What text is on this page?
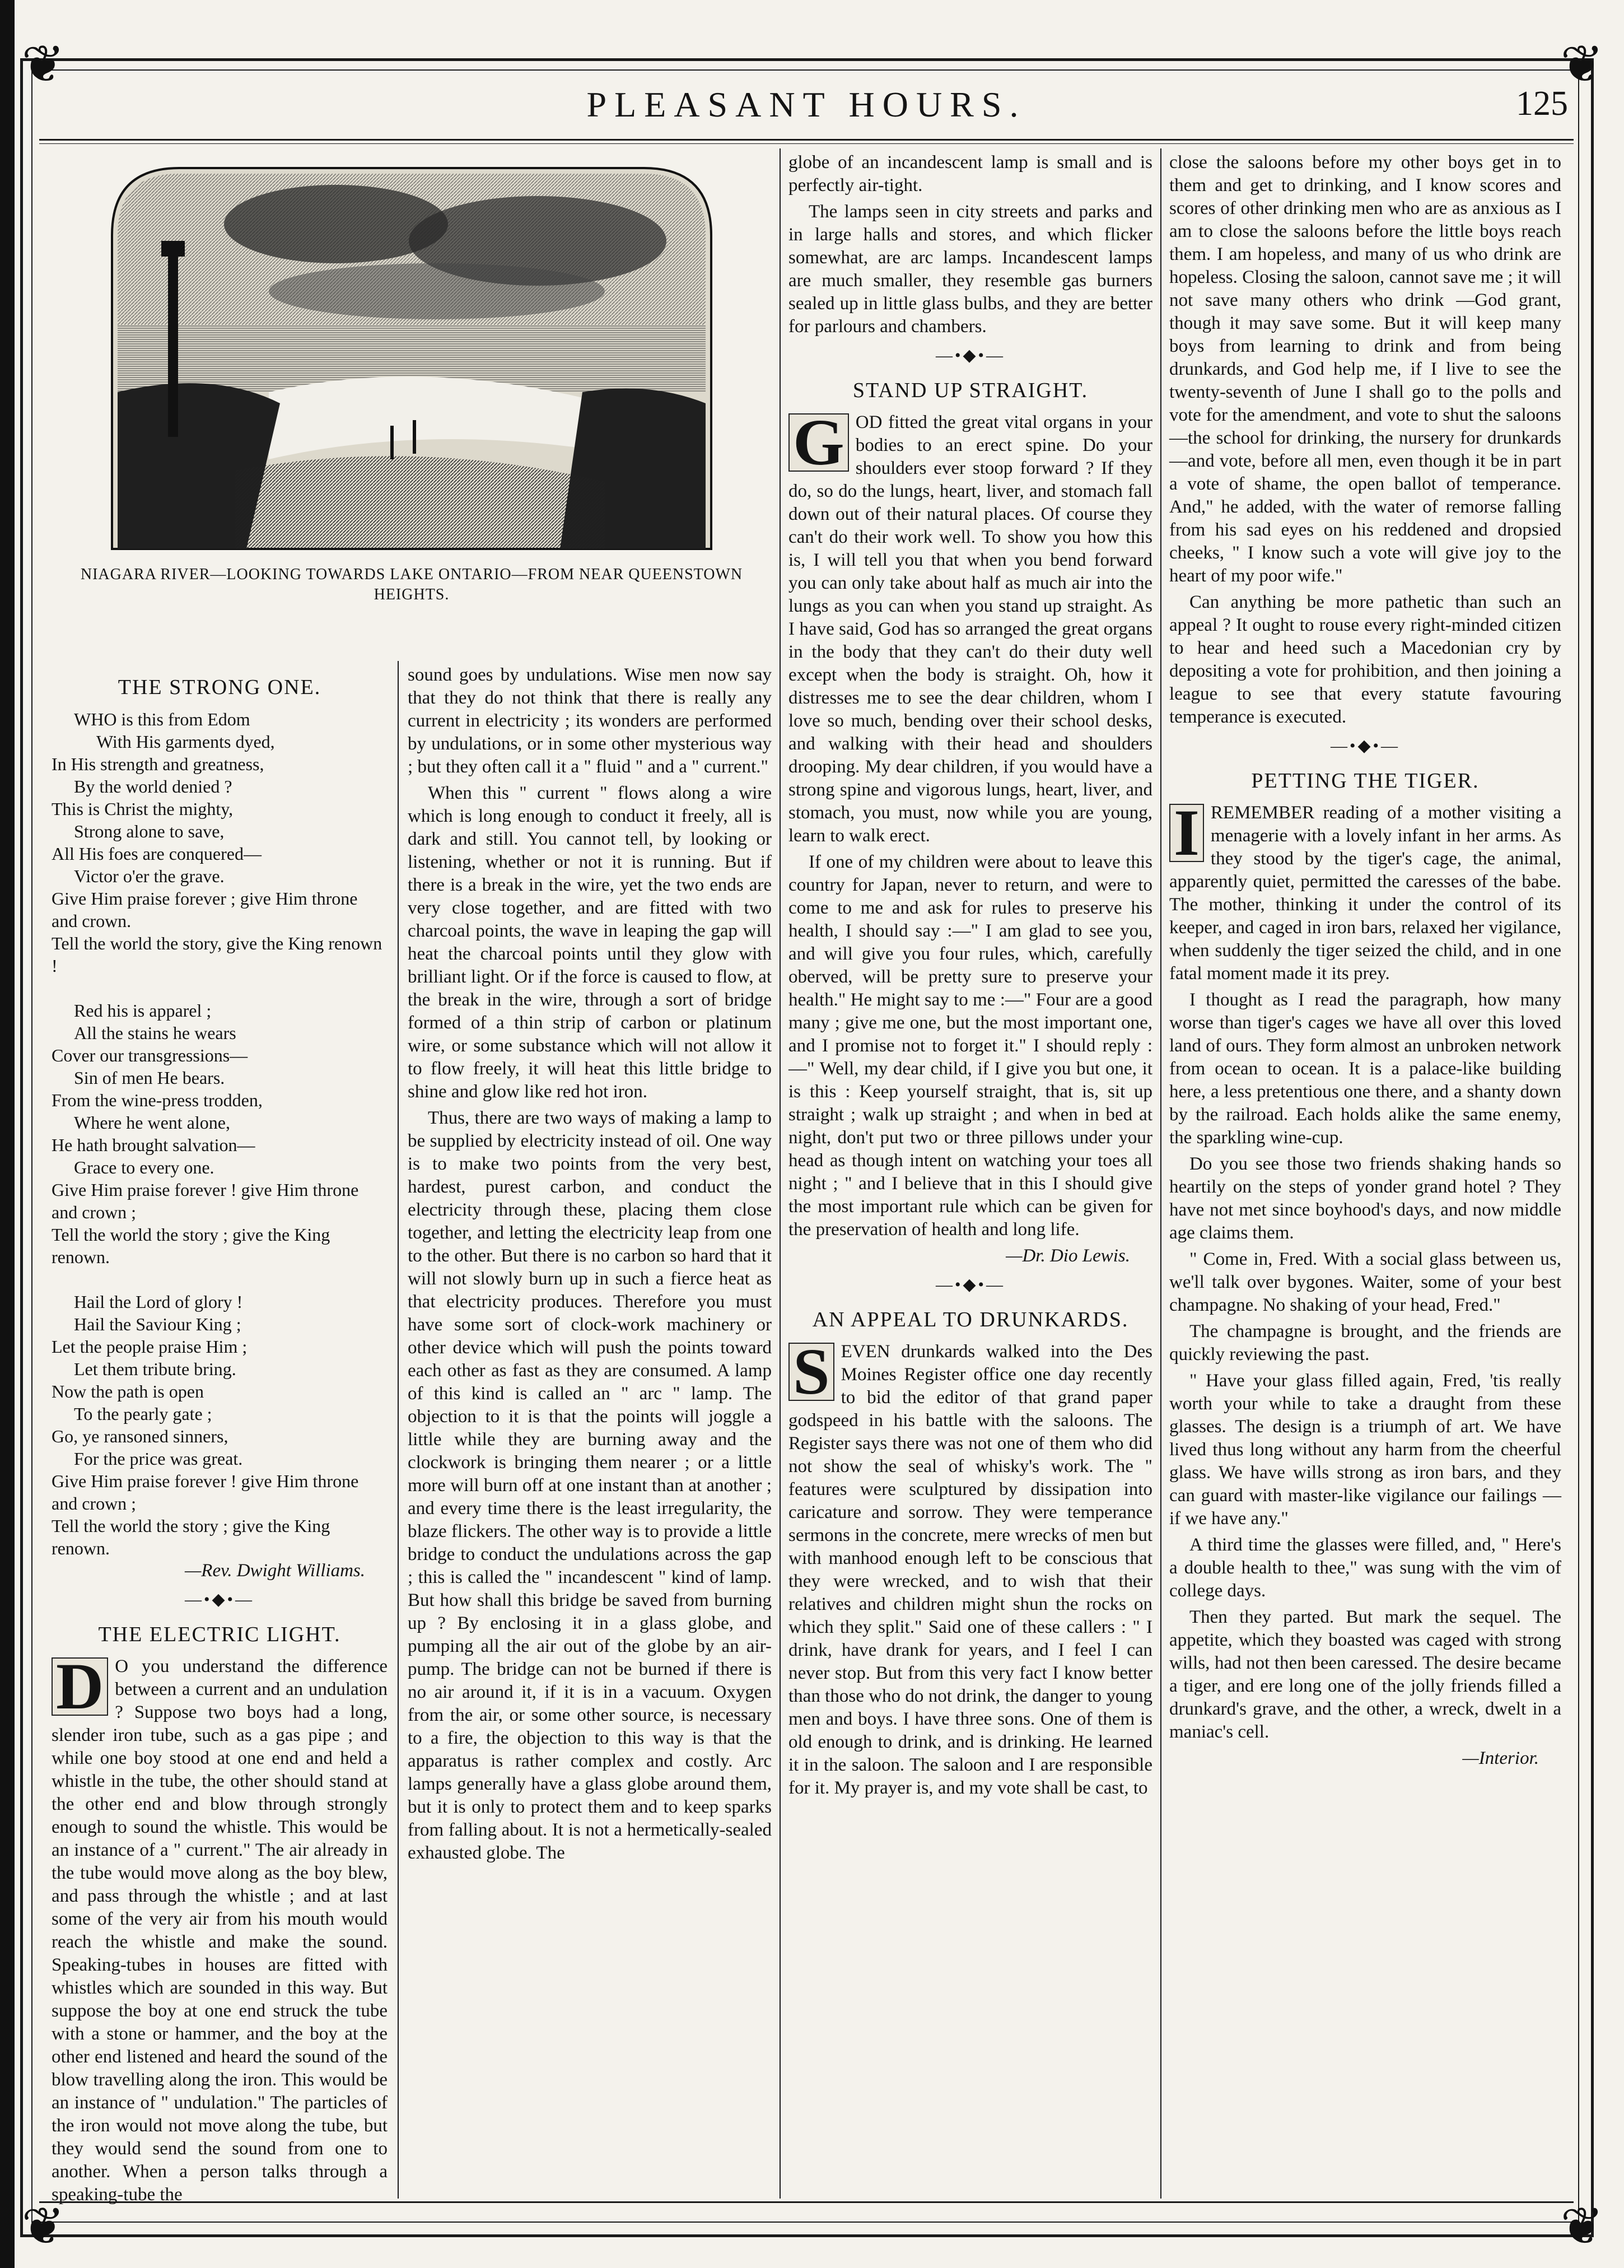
❦	❦
❦	❦
PLEASANT HOURS.	125
NIAGARA RIVER—LOOKING TOWARDS LAKE ONTARIO—FROM NEAR QUEENSTOWN HEIGHTS.
THE STRONG ONE.
WHO is this from Edom
With His garments dyed,
In His strength and greatness,
By the world denied ?
This is Christ the mighty,
Strong alone to save,
All His foes are conquered—
Victor o'er the grave.
Give Him praise forever ; give Him throne and crown.
Tell the world the story, give the King renown !

Red his is apparel ;
All the stains he wears
Cover our transgressions—
Sin of men He bears.
From the wine-press trodden,
Where he went alone,
He hath brought salvation—
Grace to every one.
Give Him praise forever ! give Him throne and crown ;
Tell the world the story ; give the King renown.

Hail the Lord of glory !
Hail the Saviour King ;
Let the people praise Him ;
Let them tribute bring.
Now the path is open
To the pearly gate ;
Go, ye ransoned sinners,
For the price was great.
Give Him praise forever ! give Him throne and crown ;
Tell the world the story ; give the King renown.
—Rev. Dwight Williams.
—•◆•—
THE ELECTRIC LIGHT.

D O you understand the difference between a current and an undulation ? Suppose two boys had a long, slender iron tube, such as a gas pipe ; and while one boy stood at one end and held a whistle in the tube, the other should stand at the other end and blow through strongly enough to sound the whistle. This would be an instance of a " current." The air already in the tube would move along as the boy blew, and pass through the whistle ; and at last some of the very air from his mouth would reach the whistle and make the sound. Speaking-tubes in houses are fitted with whistles which are sounded in this way. But suppose the boy at one end struck the tube with a stone or hammer, and the boy at the other end listened and heard the sound of the blow travelling along the iron. This would be an instance of " undulation." The particles of the iron would not move along the tube, but they would send the sound from one to another. When a person talks through a speaking-tube the

sound goes by undulations. Wise men now say that they do not think that there is really any current in electricity ; its wonders are performed by undulations, or in some other mysterious way ; but they often call it a " fluid " and a " current."

When this " current " flows along a wire which is long enough to conduct it freely, all is dark and still. You cannot tell, by looking or listening, whether or not it is running. But if there is a break in the wire, yet the two ends are very close together, and are fitted with two charcoal points, the wave in leaping the gap will heat the charcoal points until they glow with brilliant light. Or if the force is caused to flow, at the break in the wire, through a sort of bridge formed of a thin strip of carbon or platinum wire, or some substance which will not allow it to flow freely, it will heat this little bridge to shine and glow like red hot iron.

Thus, there are two ways of making a lamp to be supplied by electricity instead of oil. One way is to make two points from the very best, hardest, purest carbon, and conduct the electricity through these, placing them close together, and letting the electricity leap from one to the other. But there is no carbon so hard that it will not slowly burn up in such a fierce heat as that electricity produces. Therefore you must have some sort of clock-work machinery or other device which will push the points toward each other as fast as they are consumed. A lamp of this kind is called an " arc " lamp. The objection to it is that the points will joggle a little while they are burning away and the clockwork is bringing them nearer ; or a little more will burn off at one instant than at another ; and every time there is the least irregularity, the blaze flickers. The other way is to provide a little bridge to conduct the undulations across the gap ; this is called the " incandescent " kind of lamp. But how shall this bridge be saved from burning up ? By enclosing it in a glass globe, and pumping all the air out of the globe by an air-pump. The bridge can not be burned if there is no air around it, if it is in a vacuum. Oxygen from the air, or some other source, is necessary to a fire, the objection to this way is that the apparatus is rather complex and costly. Arc lamps generally have a glass globe around them, but it is only to protect them and to keep sparks from falling about. It is not a hermetically-sealed exhausted globe. The

globe of an incandescent lamp is small and is perfectly air-tight.

The lamps seen in city streets and parks and in large halls and stores, and which flicker somewhat, are arc lamps. Incandescent lamps are much smaller, they resemble gas burners sealed up in little glass bulbs, and they are better for parlours and chambers.

—•◆•—
STAND UP STRAIGHT.

G OD fitted the great vital organs in your bodies to an erect spine. Do your shoulders ever stoop forward ? If they do, so do the lungs, heart, liver, and stomach fall down out of their natural places. Of course they can't do their work well. To show you how this is, I will tell you that when you bend forward you can only take about half as much air into the lungs as you can when you stand up straight. As I have said, God has so arranged the great organs in the body that they can't do their duty well except when the body is straight. Oh, how it distresses me to see the dear children, whom I love so much, bending over their school desks, and walking with their head and shoulders drooping. My dear children, if you would have a strong spine and vigorous lungs, heart, liver, and stomach, you must, now while you are young, learn to walk erect.

If one of my children were about to leave this country for Japan, never to return, and were to come to me and ask for rules to preserve his health, I should say :—" I am glad to see you, and will give you four rules, which, carefully oberved, will be pretty sure to preserve your health." He might say to me :—" Four are a good many ; give me one, but the most important one, and I promise not to forget it." I should reply :—" Well, my dear child, if I give you but one, it is this : Keep yourself straight, that is, sit up straight ; walk up straight ; and when in bed at night, don't put two or three pillows under your head as though intent on watching your toes all night ; " and I believe that in this I should give the most important rule which can be given for the preservation of health and long life.

—Dr. Dio Lewis.
—•◆•—
AN APPEAL TO DRUNKARDS.

S EVEN drunkards walked into the Des Moines Register office one day recently to bid the editor of that grand paper godspeed in his battle with the saloons. The Register says there was not one of them who did not show the seal of whisky's work. The " features were sculptured by dissipation into caricature and sorrow. They were temperance sermons in the concrete, mere wrecks of men but with manhood enough left to be conscious that they were wrecked, and to wish that their relatives and children might shun the rocks on which they split." Said one of these callers : " I drink, have drank for years, and I feel I can never stop. But from this very fact I know better than those who do not drink, the danger to young men and boys. I have three sons. One of them is old enough to drink, and is drinking. He learned it in the saloon. The saloon and I are responsible for it. My prayer is, and my vote shall be cast, to

close the saloons before my other boys get in to them and get to drinking, and I know scores and scores of other drinking men who are as anxious as I am to close the saloons before the little boys reach them. I am hopeless, and many of us who drink are hopeless. Closing the saloon, cannot save me ; it will not save many others who drink —God grant, though it may save some. But it will keep many boys from learning to drink and from being drunkards, and God help me, if I live to see the twenty-seventh of June I shall go to the polls and vote for the amendment, and vote to shut the saloons—the school for drinking, the nursery for drunkards—and vote, before all men, even though it be in part a vote of shame, the open ballot of temperance. And," he added, with the water of remorse falling from his sad eyes on his reddened and dropsied cheeks, " I know such a vote will give joy to the heart of my poor wife."

Can anything be more pathetic than such an appeal ? It ought to rouse every right-minded citizen to hear and heed such a Macedonian cry by depositing a vote for prohibition, and then joining a league to see that every statute favouring temperance is executed.

—•◆•—
PETTING THE TIGER.

I REMEMBER reading of a mother visiting a menagerie with a lovely infant in her arms. As they stood by the tiger's cage, the animal, apparently quiet, permitted the caresses of the babe. The mother, thinking it under the control of its keeper, and caged in iron bars, relaxed her vigilance, when suddenly the tiger seized the child, and in one fatal moment made it its prey.

I thought as I read the paragraph, how many worse than tiger's cages we have all over this loved land of ours. They form almost an unbroken network from ocean to ocean. It is a palace-like building here, a less pretentious one there, and a shanty down by the railroad. Each holds alike the same enemy, the sparkling wine-cup.

Do you see those two friends shaking hands so heartily on the steps of yonder grand hotel ? They have not met since boyhood's days, and now middle age claims them.

" Come in, Fred. With a social glass between us, we'll talk over bygones. Waiter, some of your best champagne. No shaking of your head, Fred."

The champagne is brought, and the friends are quickly reviewing the past.

" Have your glass filled again, Fred, 'tis really worth your while to take a draught from these glasses. The design is a triumph of art. We have lived thus long without any harm from the cheerful glass. We have wills strong as iron bars, and they can guard with master-like vigilance our failings —if we have any."

A third time the glasses were filled, and, " Here's a double health to thee," was sung with the vim of college days.

Then they parted. But mark the sequel. The appetite, which they boasted was caged with strong wills, had not then been caressed. The desire became a tiger, and ere long one of the jolly friends filled a drunkard's grave, and the other, a wreck, dwelt in a maniac's cell.

—Interior.
